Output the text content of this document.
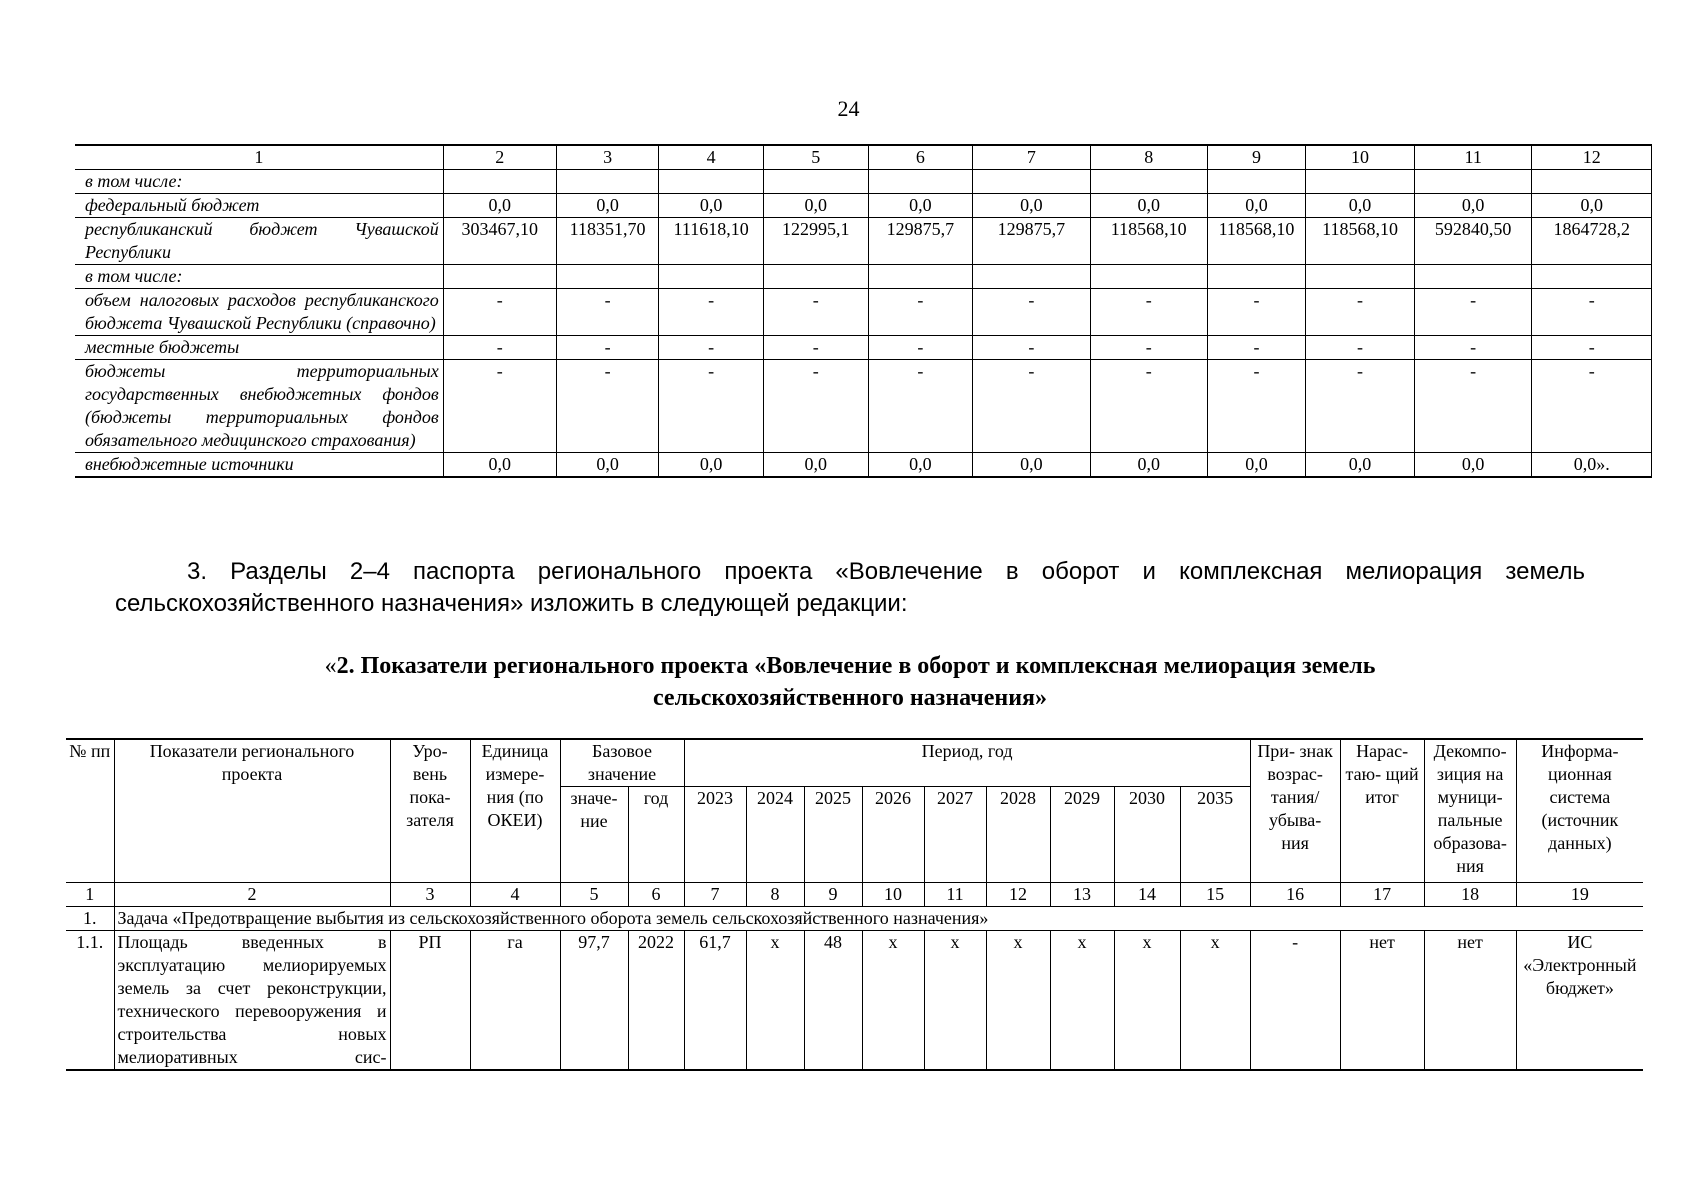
24
1	2	3	4	5	6	7	8	9	10	11	12
в том числе:											
федеральный бюджет	0,0	0,0	0,0	0,0	0,0	0,0	0,0	0,0	0,0	0,0	0,0
республиканский бюджет Чувашской Республики	303467,10	118351,70	111618,10	122995,1	129875,7	129875,7	118568,10	118568,10	118568,10	592840,50	1864728,2
в том числе:											
объем налоговых расходов республиканского бюджета Чувашской Республики (справочно)	-	-	-	-	-	-	-	-	-	-	-
местные бюджеты	-	-	-	-	-	-	-	-	-	-	-
бюджеты территориальных государственных внебюджетных фондов (бюджеты территориальных фондов обязательного медицинского страхования)	-	-	-	-	-	-	-	-	-	-	-
внебюджетные источники	0,0	0,0	0,0	0,0	0,0	0,0	0,0	0,0	0,0	0,0	0,0».
3. Разделы 2–4 паспорта регионального проекта «Вовлечение в оборот и комплексная мелиорация земель сельскохозяйственного назначения» изложить в следующей редакции:
«2. Показатели регионального проекта «Вовлечение в оборот и комплексная мелиорация земель
сельскохозяйственного назначения»
№ пп	Показатели регионального проекта	Уро- вень пока- зателя	Единица измере- ния (по ОКЕИ)	Базовое значение		Период, год									При- знак возрас- тания/ убыва- ния	Нарас- таю- щий итог	Декомпо- зиция на муници- пальные образова- ния	Информа- ционная система (источник данных)
				значе- ние	год	2023	2024	2025	2026	2027	2028	2029	2030	2035				

1	2	3	4	5	6	7	8	9	10	11	12	13	14	15	16	17	18	19
1.	Задача «Предотвращение выбытия из сельскохозяйственного оборота земель сельскохозяйственного назначения»																	
1.1.	Площадь введенных в эксплуатацию мелиорируемых земель за счет реконструкции, технического перевооружения и строительства новых мелиоративных сис-	РП	га	97,7	2022	61,7	х	48	х	х	х	х	х	х	-	нет	нет	ИС «Электронный бюджет»
